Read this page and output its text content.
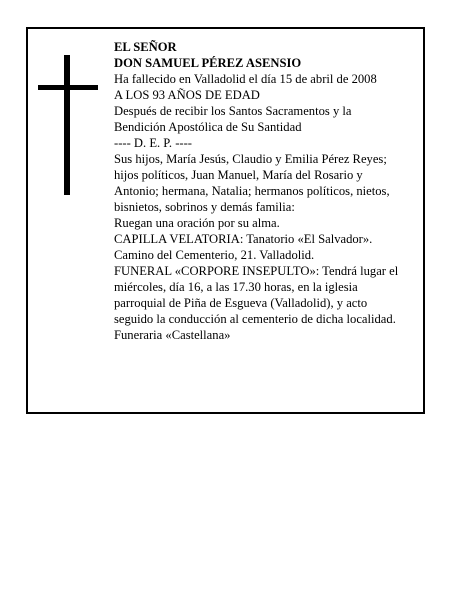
EL SEÑOR
DON SAMUEL PÉREZ ASENSIO
Ha fallecido en Valladolid el día 15 de abril de 2008
A LOS 93 AÑOS DE EDAD
Después de recibir los Santos Sacramentos y la
Bendición Apostólica de Su Santidad
---- D. E. P. ----
Sus hijos, María Jesús, Claudio y Emilia Pérez Reyes;
hijos políticos, Juan Manuel, María del Rosario y
Antonio; hermana, Natalia; hermanos políticos, nietos,
bisnietos, sobrinos y demás familia:
Ruegan una oración por su alma.
CAPILLA VELATORIA: Tanatorio «El Salvador».
Camino del Cementerio, 21. Valladolid.
FUNERAL «CORPORE INSEPULTO»: Tendrá lugar el
miércoles, día 16, a las 17.30 horas, en la iglesia
parroquial de Piña de Esgueva (Valladolid), y acto
seguido la conducción al cementerio de dicha localidad.
Funeraria «Castellana»
